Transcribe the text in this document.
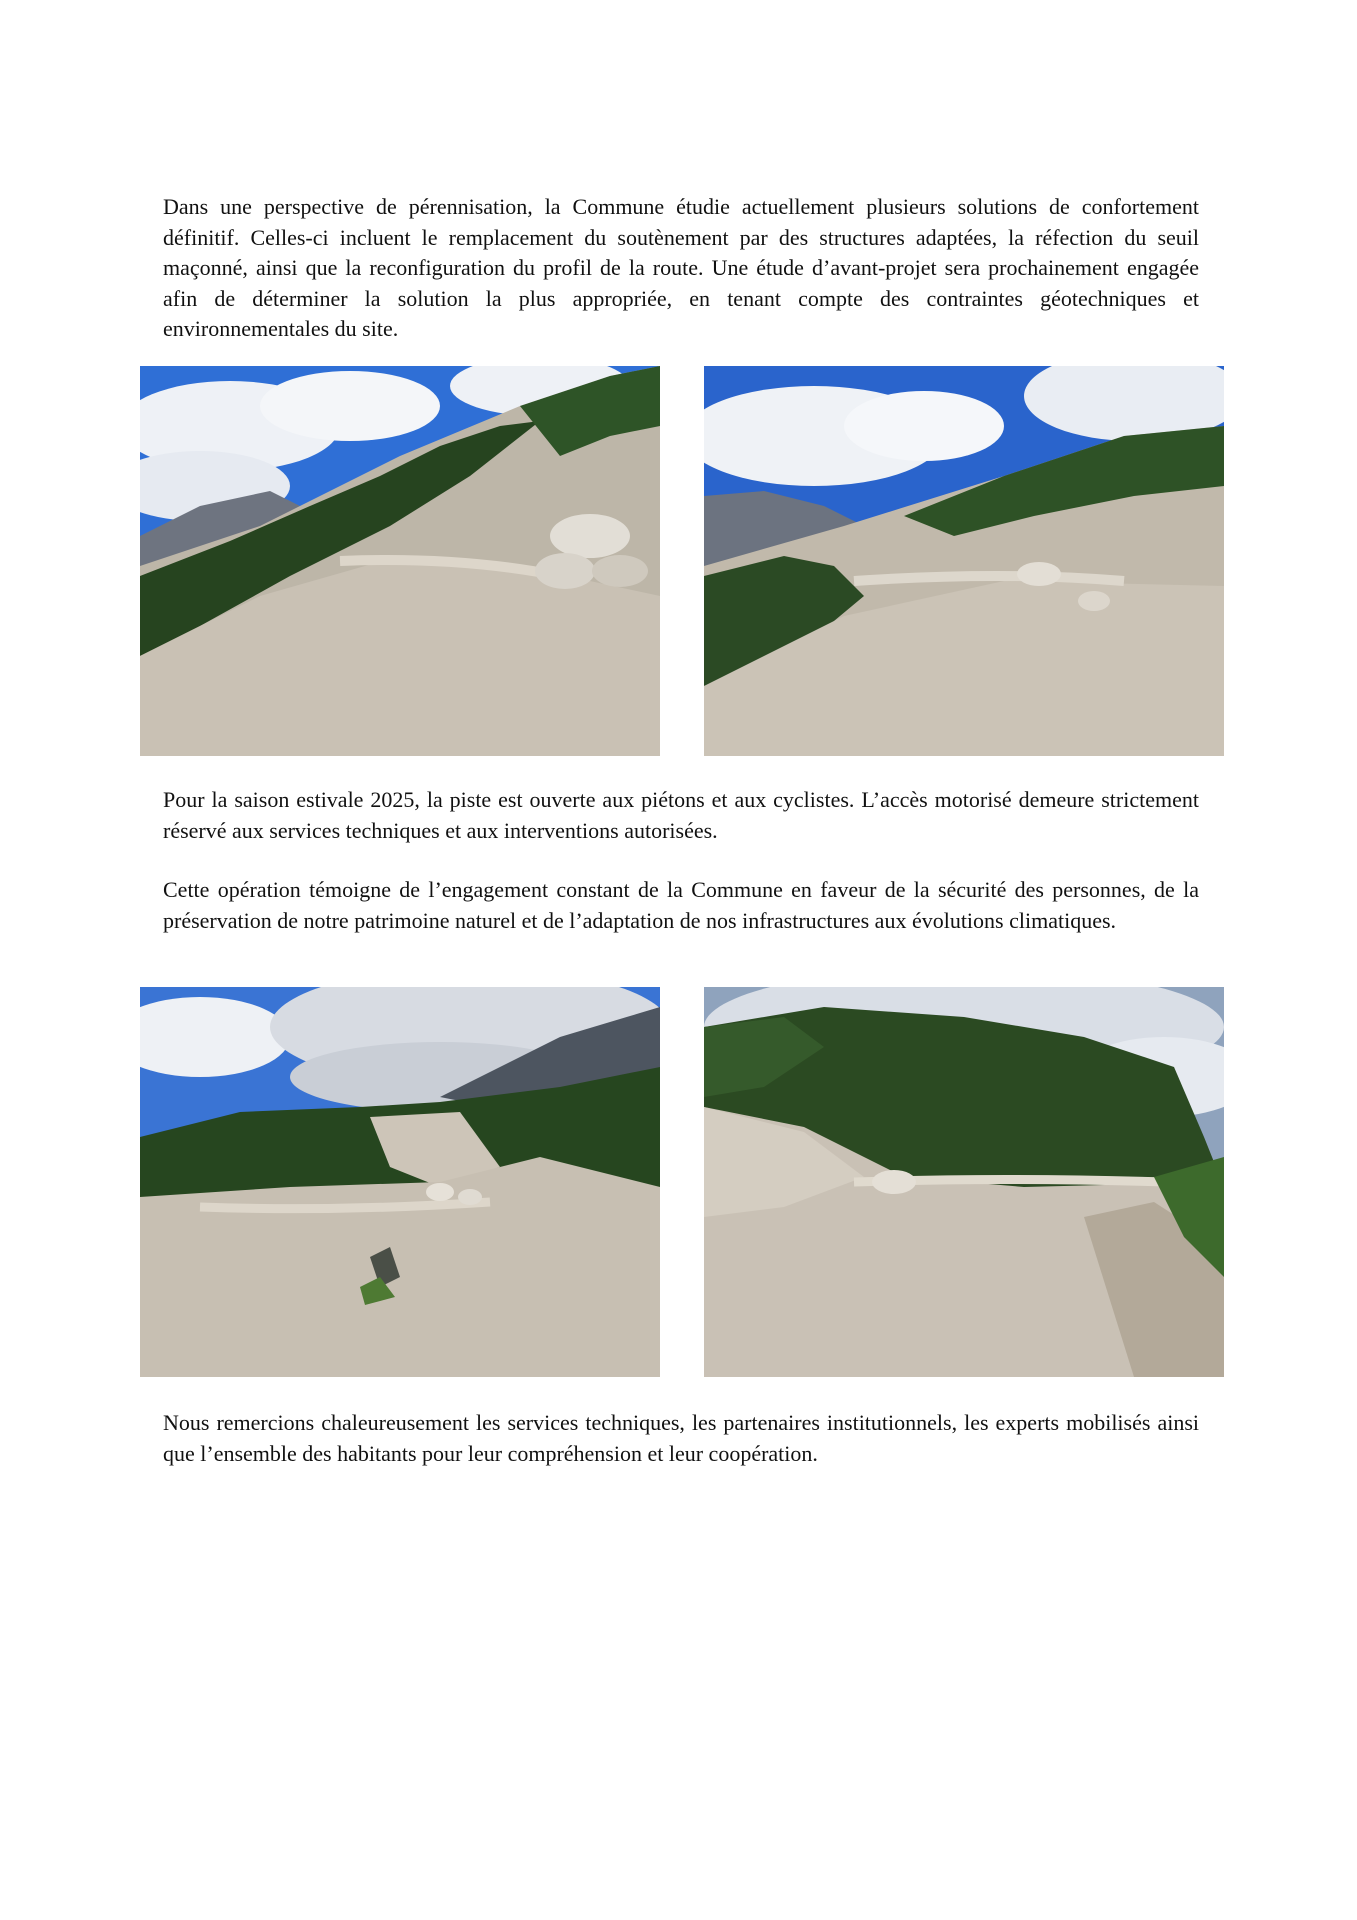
Dans une perspective de pérennisation, la Commune étudie actuellement plusieurs solutions de confortement définitif. Celles-ci incluent le remplacement du soutènement par des structures adaptées, la réfection du seuil maçonné, ainsi que la reconfiguration du profil de la route. Une étude d’avant-projet sera prochainement engagée afin de déterminer la solution la plus appropriée, en tenant compte des contraintes géotechniques et environnementales du site.

Pour la saison estivale 2025, la piste est ouverte aux piétons et aux cyclistes. L’accès motorisé demeure strictement réservé aux services techniques et aux interventions autorisées.

Cette opération témoigne de l’engagement constant de la Commune en faveur de la sécurité des personnes, de la préservation de notre patrimoine naturel et de l’adaptation de nos infrastructures aux évolutions climatiques.

Nous remercions chaleureusement les services techniques, les partenaires institutionnels, les experts mobilisés ainsi que l’ensemble des habitants pour leur compréhension et leur coopération.
